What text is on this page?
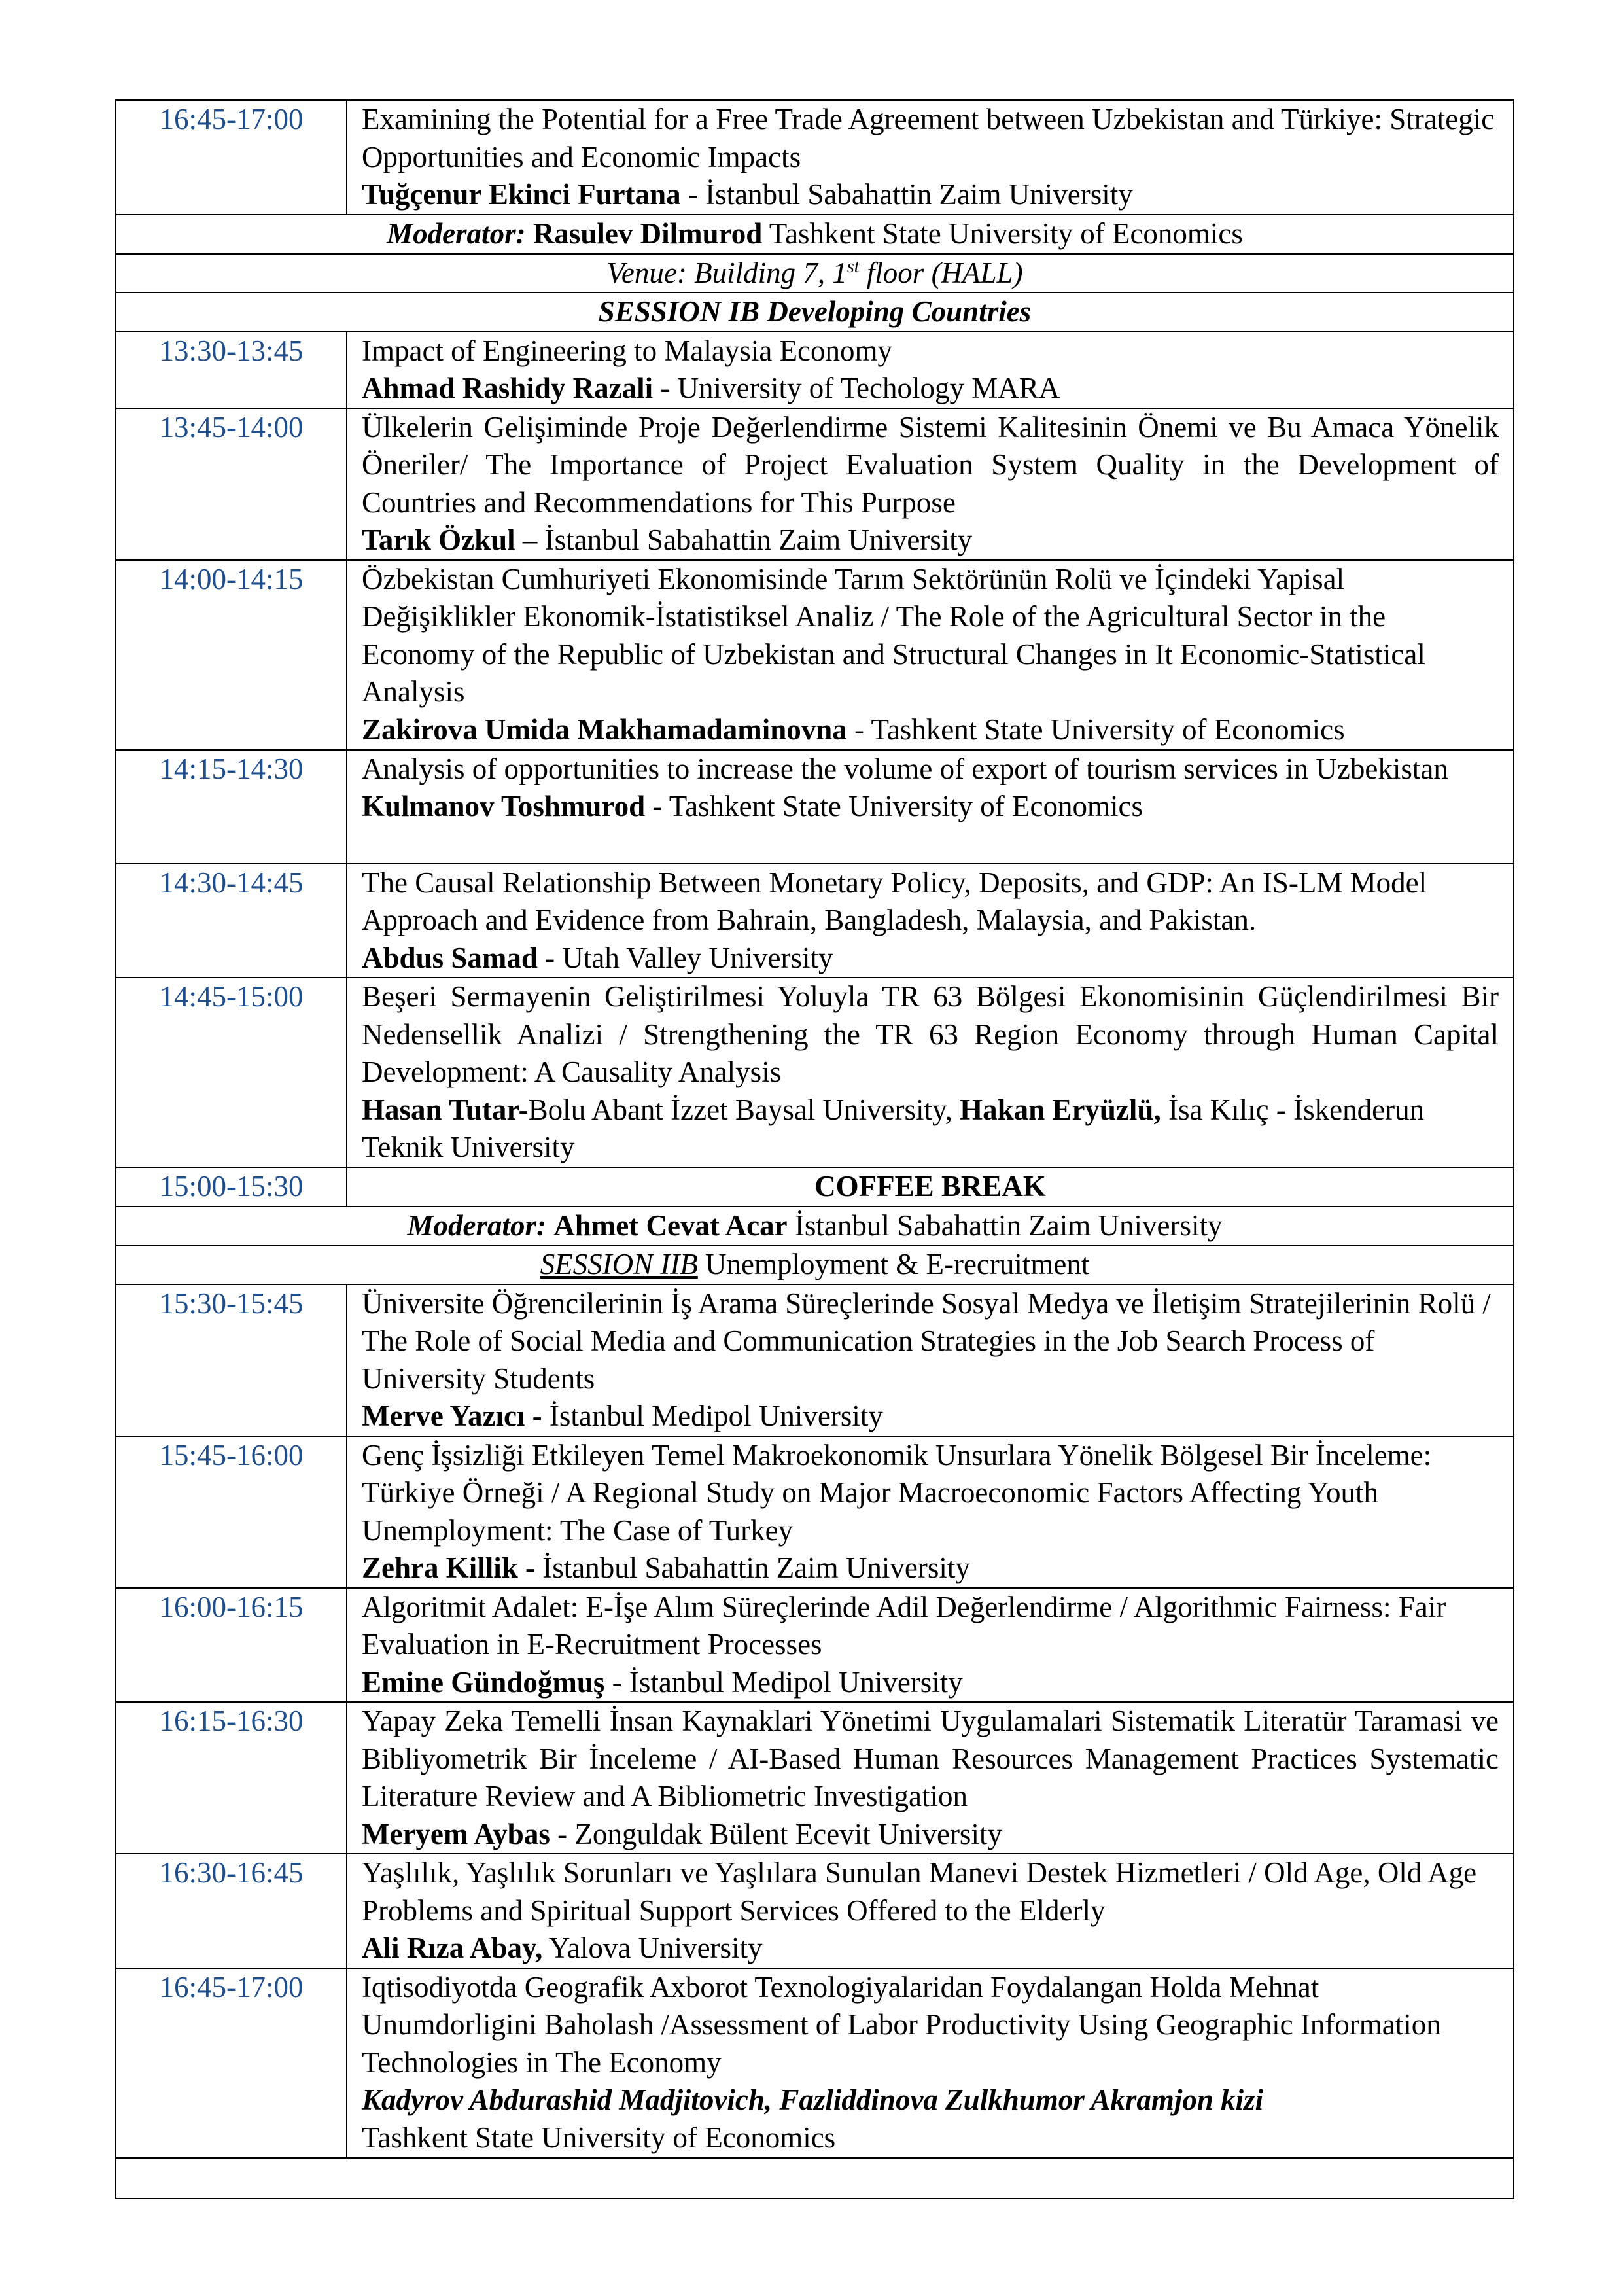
16:45-17:00	Examining the Potential for a Free Trade Agreement between Uzbekistan and Türkiye: Strategic Opportunities and Economic Impacts
Tuğçenur Ekinci Furtana - İstanbul Sabahattin Zaim University

Moderator: Rasulev Dilmurod Tashkent State University of Economics	
Venue: Building 7, 1st floor (HALL)	
SESSION IB Developing Countries	
13:30-13:45	Impact of Engineering to Malaysia Economy
Ahmad Rashidy Razali - University of Techology MARA

13:45-14:00	Ülkelerin Gelişiminde Proje Değerlendirme Sistemi Kalitesinin Önemi ve Bu Amaca Yönelik Öneriler/ The Importance of Project Evaluation System Quality in the Development of Countries and Recommendations for This Purpose
Tarık Özkul – İstanbul Sabahattin Zaim University

14:00-14:15	Özbekistan Cumhuriyeti Ekonomisinde Tarım Sektörünün Rolü ve İçindeki Yapisal Değişiklikler Ekonomik-İstatistiksel Analiz / The Role of the Agricultural Sector in the Economy of the Republic of Uzbekistan and Structural Changes in It Economic-Statistical Analysis
Zakirova Umida Makhamadaminovna - Tashkent State University of Economics

14:15-14:30	Analysis of opportunities to increase the volume of export of tourism services in Uzbekistan
Kulmanov Toshmurod - Tashkent State University of Economics

14:30-14:45	The Causal Relationship Between Monetary Policy, Deposits, and GDP: An IS-LM Model Approach and Evidence from Bahrain, Bangladesh, Malaysia, and Pakistan.
Abdus Samad - Utah Valley University

14:45-15:00	Beşeri Sermayenin Geliştirilmesi Yoluyla TR 63 Bölgesi Ekonomisinin Güçlendirilmesi Bir Nedensellik Analizi / Strengthening the TR 63 Region Economy through Human Capital Development: A Causality Analysis
Hasan Tutar-Bolu Abant İzzet Baysal University, Hakan Eryüzlü, İsa Kılıç - İskenderun Teknik University

15:00-15:30	COFFEE BREAK
Moderator: Ahmet Cevat Acar İstanbul Sabahattin Zaim University	
SESSION IIB Unemployment & E-recruitment	
15:30-15:45	Üniversite Öğrencilerinin İş Arama Süreçlerinde Sosyal Medya ve İletişim Stratejilerinin Rolü / The Role of Social Media and Communication Strategies in the Job Search Process of University Students
Merve Yazıcı - İstanbul Medipol University

15:45-16:00	Genç İşsizliği Etkileyen Temel Makroekonomik Unsurlara Yönelik Bölgesel Bir İnceleme: Türkiye Örneği / A Regional Study on Major Macroeconomic Factors Affecting Youth Unemployment: The Case of Turkey
Zehra Killik - İstanbul Sabahattin Zaim University

16:00-16:15	Algoritmit Adalet: E-İşe Alım Süreçlerinde Adil Değerlendirme / Algorithmic Fairness: Fair Evaluation in E-Recruitment Processes
Emine Gündoğmuş - İstanbul Medipol University

16:15-16:30	Yapay Zeka Temelli İnsan Kaynaklari Yönetimi Uygulamalari Sistematik Literatür Taramasi ve Bibliyometrik Bir İnceleme / AI-Based Human Resources Management Practices Systematic Literature Review and A Bibliometric Investigation
Meryem Aybas - Zonguldak Bülent Ecevit University

16:30-16:45	Yaşlılık, Yaşlılık Sorunları ve Yaşlılara Sunulan Manevi Destek Hizmetleri / Old Age, Old Age Problems and Spiritual Support Services Offered to the Elderly
Ali Rıza Abay, Yalova University

16:45-17:00	Iqtisodiyotda Geografik Axborot Texnologiyalaridan Foydalangan Holda Mehnat Unumdorligini Baholash /Assessment of Labor Productivity Using Geographic Information Technologies in The Economy
Kadyrov Abdurashid Madjitovich, Fazliddinova Zulkhumor Akramjon kizi
Tashkent State University of Economics
